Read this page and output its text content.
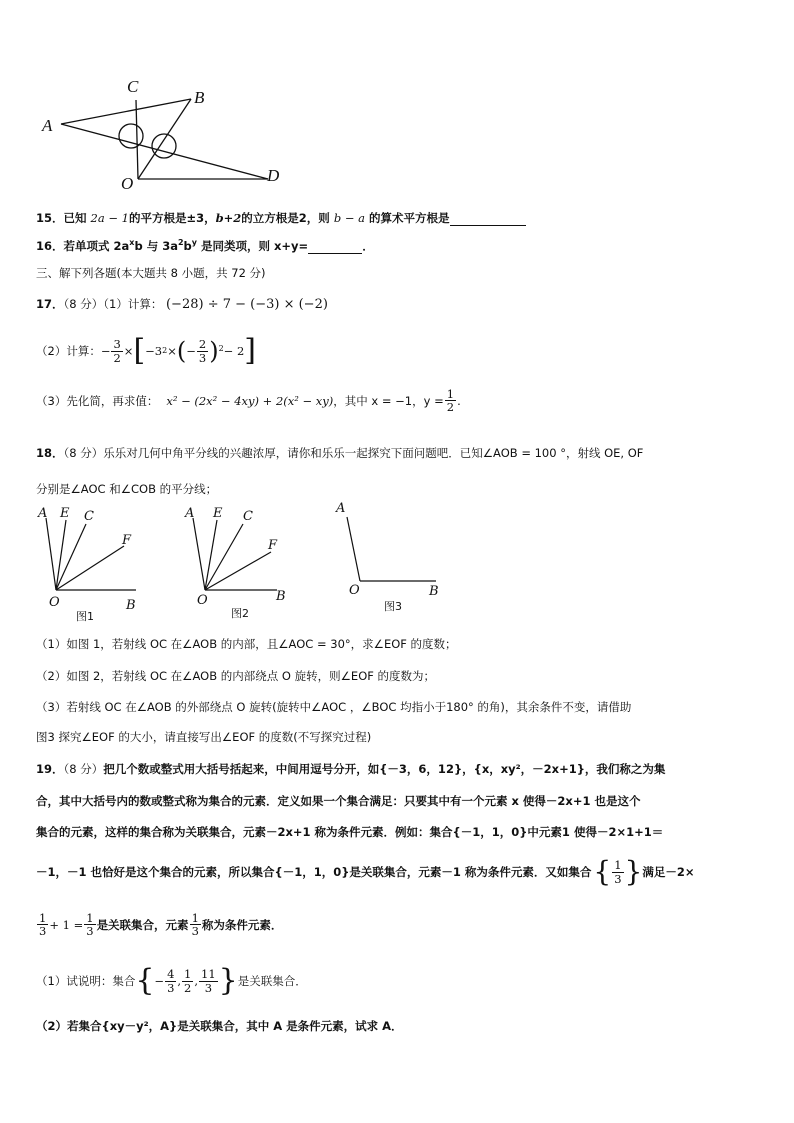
C
B
A
O	D
15．已知 2a − 1的平方根是±3，b+2的立方根是2，则 b − a 的算术平方根是
16．若单项式 $2a^xb$ 与 $3a^2b^y$ 是同类项，则 x+y=	．
三、解下列各题(本大题共 8 小题，共 72 分)
17．（8 分）（1）计算： (−28) ÷ 7 − (−3) × (−2)
（2）计算： − $\frac{3}{2}$ × [ −3 2 × ( − $\frac{2}{3} )^2 - 2$ ]
（3）先化简，再求值： x² − (2x² − 4xy) + 2(x² − xy) ，其中 x = −1，$y = \frac{1}{2}$ .
18．（8 分）乐乐对几何中角平分线的兴趣浓厚，请你和乐乐一起探究下面问题吧．已知∠AOB = 100 °，射线 OE, OF
分别是∠AOC 和∠COB 的平分线；
A E C
F
O	B
图1
A E C
F
O	B
图2
A
O	B
图3
（1）如图 1，若射线 OC 在∠AOB 的内部，且∠AOC = 30°，求∠EOF 的度数；
（2）如图 2，若射线 OC 在∠AOB 的内部绕点 O 旋转，则∠EOF 的度数为；
（3）若射线 OC 在∠AOB 的外部绕点 O 旋转(旋转中∠AOC ，∠BOC 均指小于180° 的角)，其余条件不变，请借助
图3 探究∠EOF 的大小，请直接写出∠EOF 的度数(不写探究过程)
19．（8 分）把几个数或整式用大括号括起来，中间用逗号分开，如{－3，6，12}，{x，xy²，－2x+1}，我们称之为集
合，其中大括号内的数或整式称为集合的元素．定义如果一个集合满足：只要其中有一个元素 x 使得－2x+1 也是这个
集合的元素，这样的集合称为关联集合，元素－2x+1 称为条件元素．例如：集合{－1，1，0}中元素1 使得－2×1+1＝
－1，－1 也恰好是这个集合的元素，所以集合{－1，1，0}是关联集合，元素－1 称为条件元素．又如集合 { $\frac{1}{3}$ } 满足－2×
$\frac{1}{3} + 1 = \frac{1}{3}$ 是关联集合，元素 $\frac{1}{3}$ 称为条件元素．
（1）试说明：集合 { − $\frac{4}{3}$ , $\frac{1}{2}$ , $\frac{11}{3}$ } 是关联集合．
（2）若集合{xy－y²，A}是关联集合，其中 A 是条件元素，试求 A．
